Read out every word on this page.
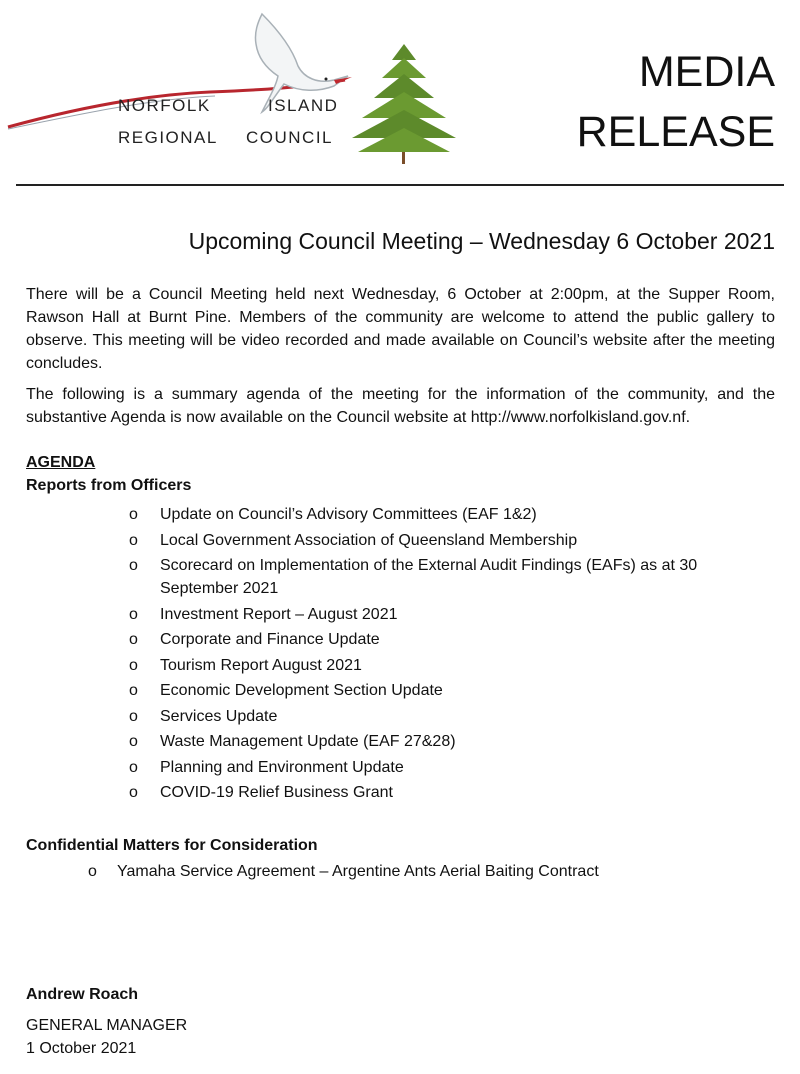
NORFOLK	ISLAND
REGIONAL COUNCIL
MEDIA
RELEASE
Upcoming Council Meeting – Wednesday 6 October 2021

There will be a Council Meeting held next Wednesday, 6 October at 2:00pm, at the Supper Room, Rawson Hall at Burnt Pine. Members of the community are welcome to attend the public gallery to observe. This meeting will be video recorded and made available on Council’s website after the meeting concludes.

The following is a summary agenda of the meeting for the information of the community, and the substantive Agenda is now available on the Council website at http://www.norfolkisland.gov.nf.

AGENDA
Reports from Officers
o Update on Council’s Advisory Committees (EAF 1&2)
o Local Government Association of Queensland Membership
o Scorecard on Implementation of the External Audit Findings (EAFs) as at 30 September 2021
o Investment Report – August 2021
o Corporate and Finance Update
o Tourism Report August 2021
o Economic Development Section Update
o Services Update
o Waste Management Update (EAF 27&28)
o Planning and Environment Update
o COVID-19 Relief Business Grant
Confidential Matters for Consideration
o Yamaha Service Agreement – Argentine Ants Aerial Baiting Contract
Andrew Roach
GENERAL MANAGER
1 October 2021
